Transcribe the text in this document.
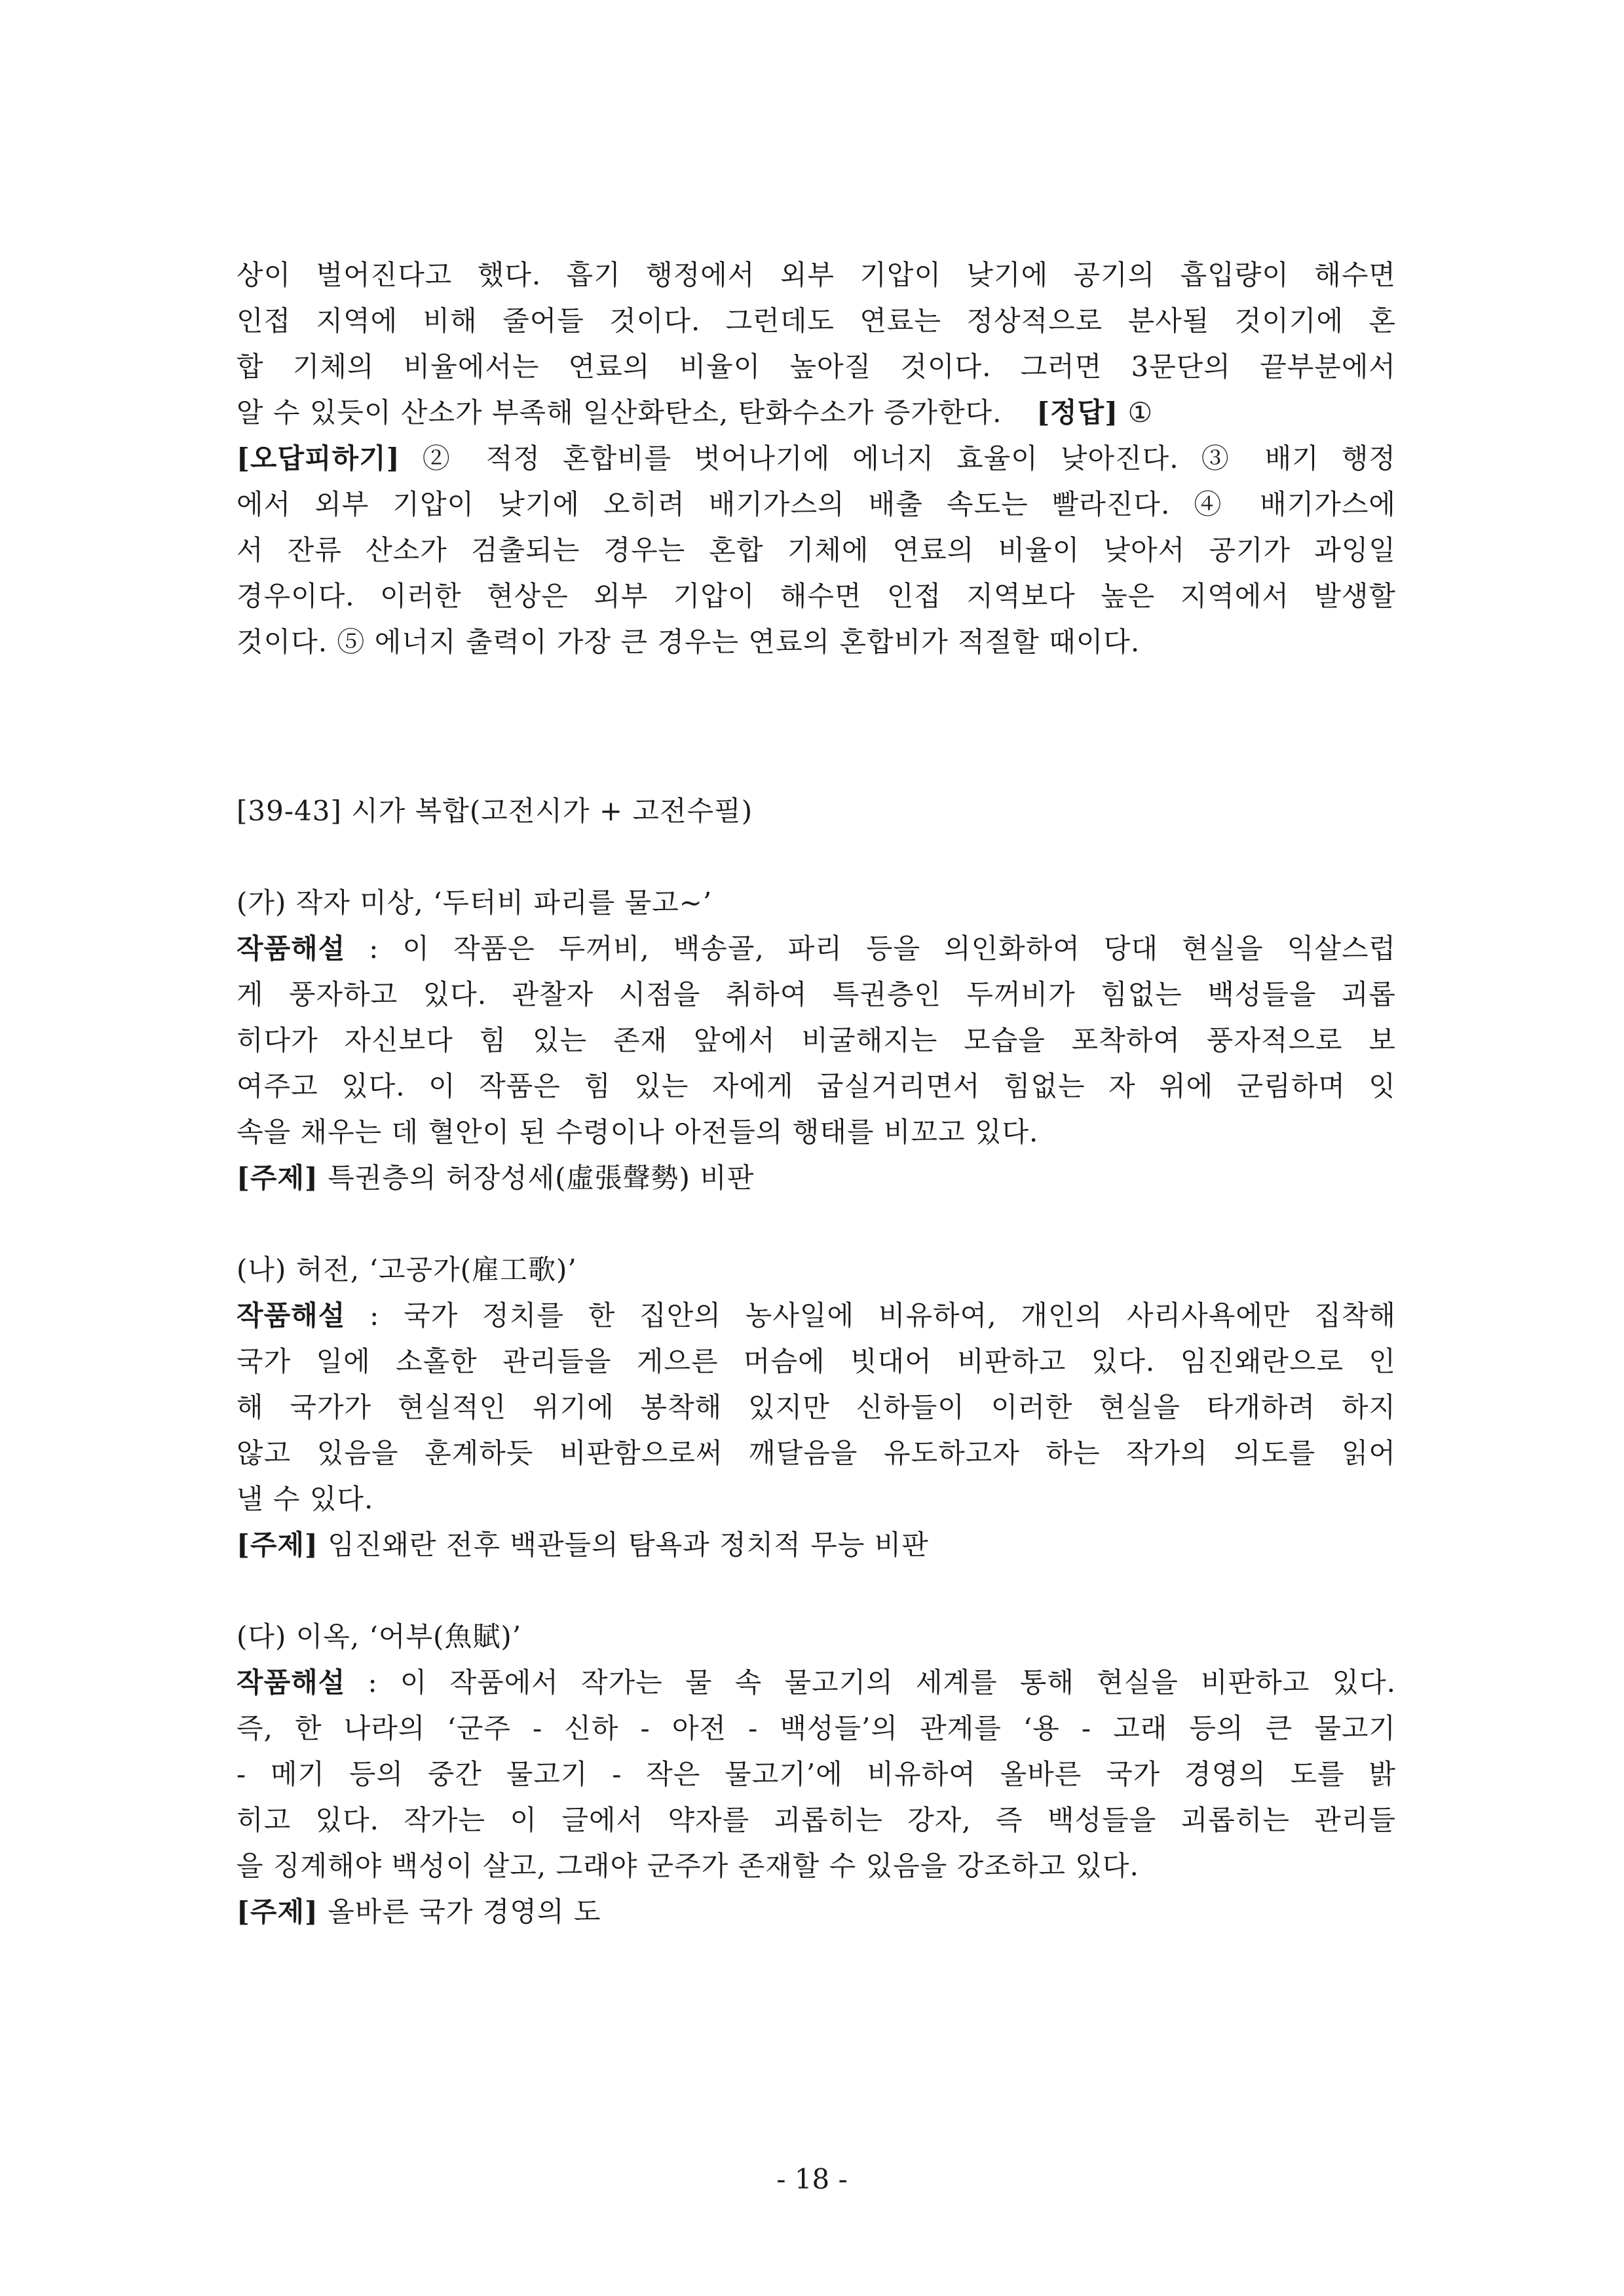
상이 벌어진다고 했다. 흡기 행정에서 외부 기압이 낮기에 공기의 흡입량이 해수면
인접 지역에 비해 줄어들 것이다. 그런데도 연료는 정상적으로 분사될 것이기에 혼
합 기체의 비율에서는 연료의 비율이 높아질 것이다. 그러면 3문단의 끝부분에서
알 수 있듯이 산소가 부족해 일산화탄소, 탄화수소가 증가한다. [정답] ①
[오답피하기] ② 적정 혼합비를 벗어나기에 에너지 효율이 낮아진다. ③ 배기 행정
에서 외부 기압이 낮기에 오히려 배기가스의 배출 속도는 빨라진다. ④ 배기가스에
서 잔류 산소가 검출되는 경우는 혼합 기체에 연료의 비율이 낮아서 공기가 과잉일
경우이다. 이러한 현상은 외부 기압이 해수면 인접 지역보다 높은 지역에서 발생할
것이다. ⑤ 에너지 출력이 가장 큰 경우는 연료의 혼합비가 적절할 때이다.
[39-43] 시가 복합(고전시가 + 고전수필)
(가) 작자 미상, ‘두터비 파리를 물고~’
작품해설 : 이 작품은 두꺼비, 백송골, 파리 등을 의인화하여 당대 현실을 익살스럽
게 풍자하고 있다. 관찰자 시점을 취하여 특권층인 두꺼비가 힘없는 백성들을 괴롭
히다가 자신보다 힘 있는 존재 앞에서 비굴해지는 모습을 포착하여 풍자적으로 보
여주고 있다. 이 작품은 힘 있는 자에게 굽실거리면서 힘없는 자 위에 군림하며 잇
속을 채우는 데 혈안이 된 수령이나 아전들의 행태를 비꼬고 있다.
[주제] 특권층의 허장성세(虛張聲勢) 비판
(나) 허전, ‘고공가(雇工歌)’
작품해설 : 국가 정치를 한 집안의 농사일에 비유하여, 개인의 사리사욕에만 집착해
국가 일에 소홀한 관리들을 게으른 머슴에 빗대어 비판하고 있다. 임진왜란으로 인
해 국가가 현실적인 위기에 봉착해 있지만 신하들이 이러한 현실을 타개하려 하지
않고 있음을 훈계하듯 비판함으로써 깨달음을 유도하고자 하는 작가의 의도를 읽어
낼 수 있다.
[주제] 임진왜란 전후 백관들의 탐욕과 정치적 무능 비판
(다) 이옥, ‘어부(魚賦)’
작품해설 : 이 작품에서 작가는 물 속 물고기의 세계를 통해 현실을 비판하고 있다.
즉, 한 나라의 ‘군주 - 신하 - 아전 - 백성들’의 관계를 ‘용 - 고래 등의 큰 물고기
- 메기 등의 중간 물고기 - 작은 물고기’에 비유하여 올바른 국가 경영의 도를 밝
히고 있다. 작가는 이 글에서 약자를 괴롭히는 강자, 즉 백성들을 괴롭히는 관리들
을 징계해야 백성이 살고, 그래야 군주가 존재할 수 있음을 강조하고 있다.
[주제] 올바른 국가 경영의 도
- 18 -
